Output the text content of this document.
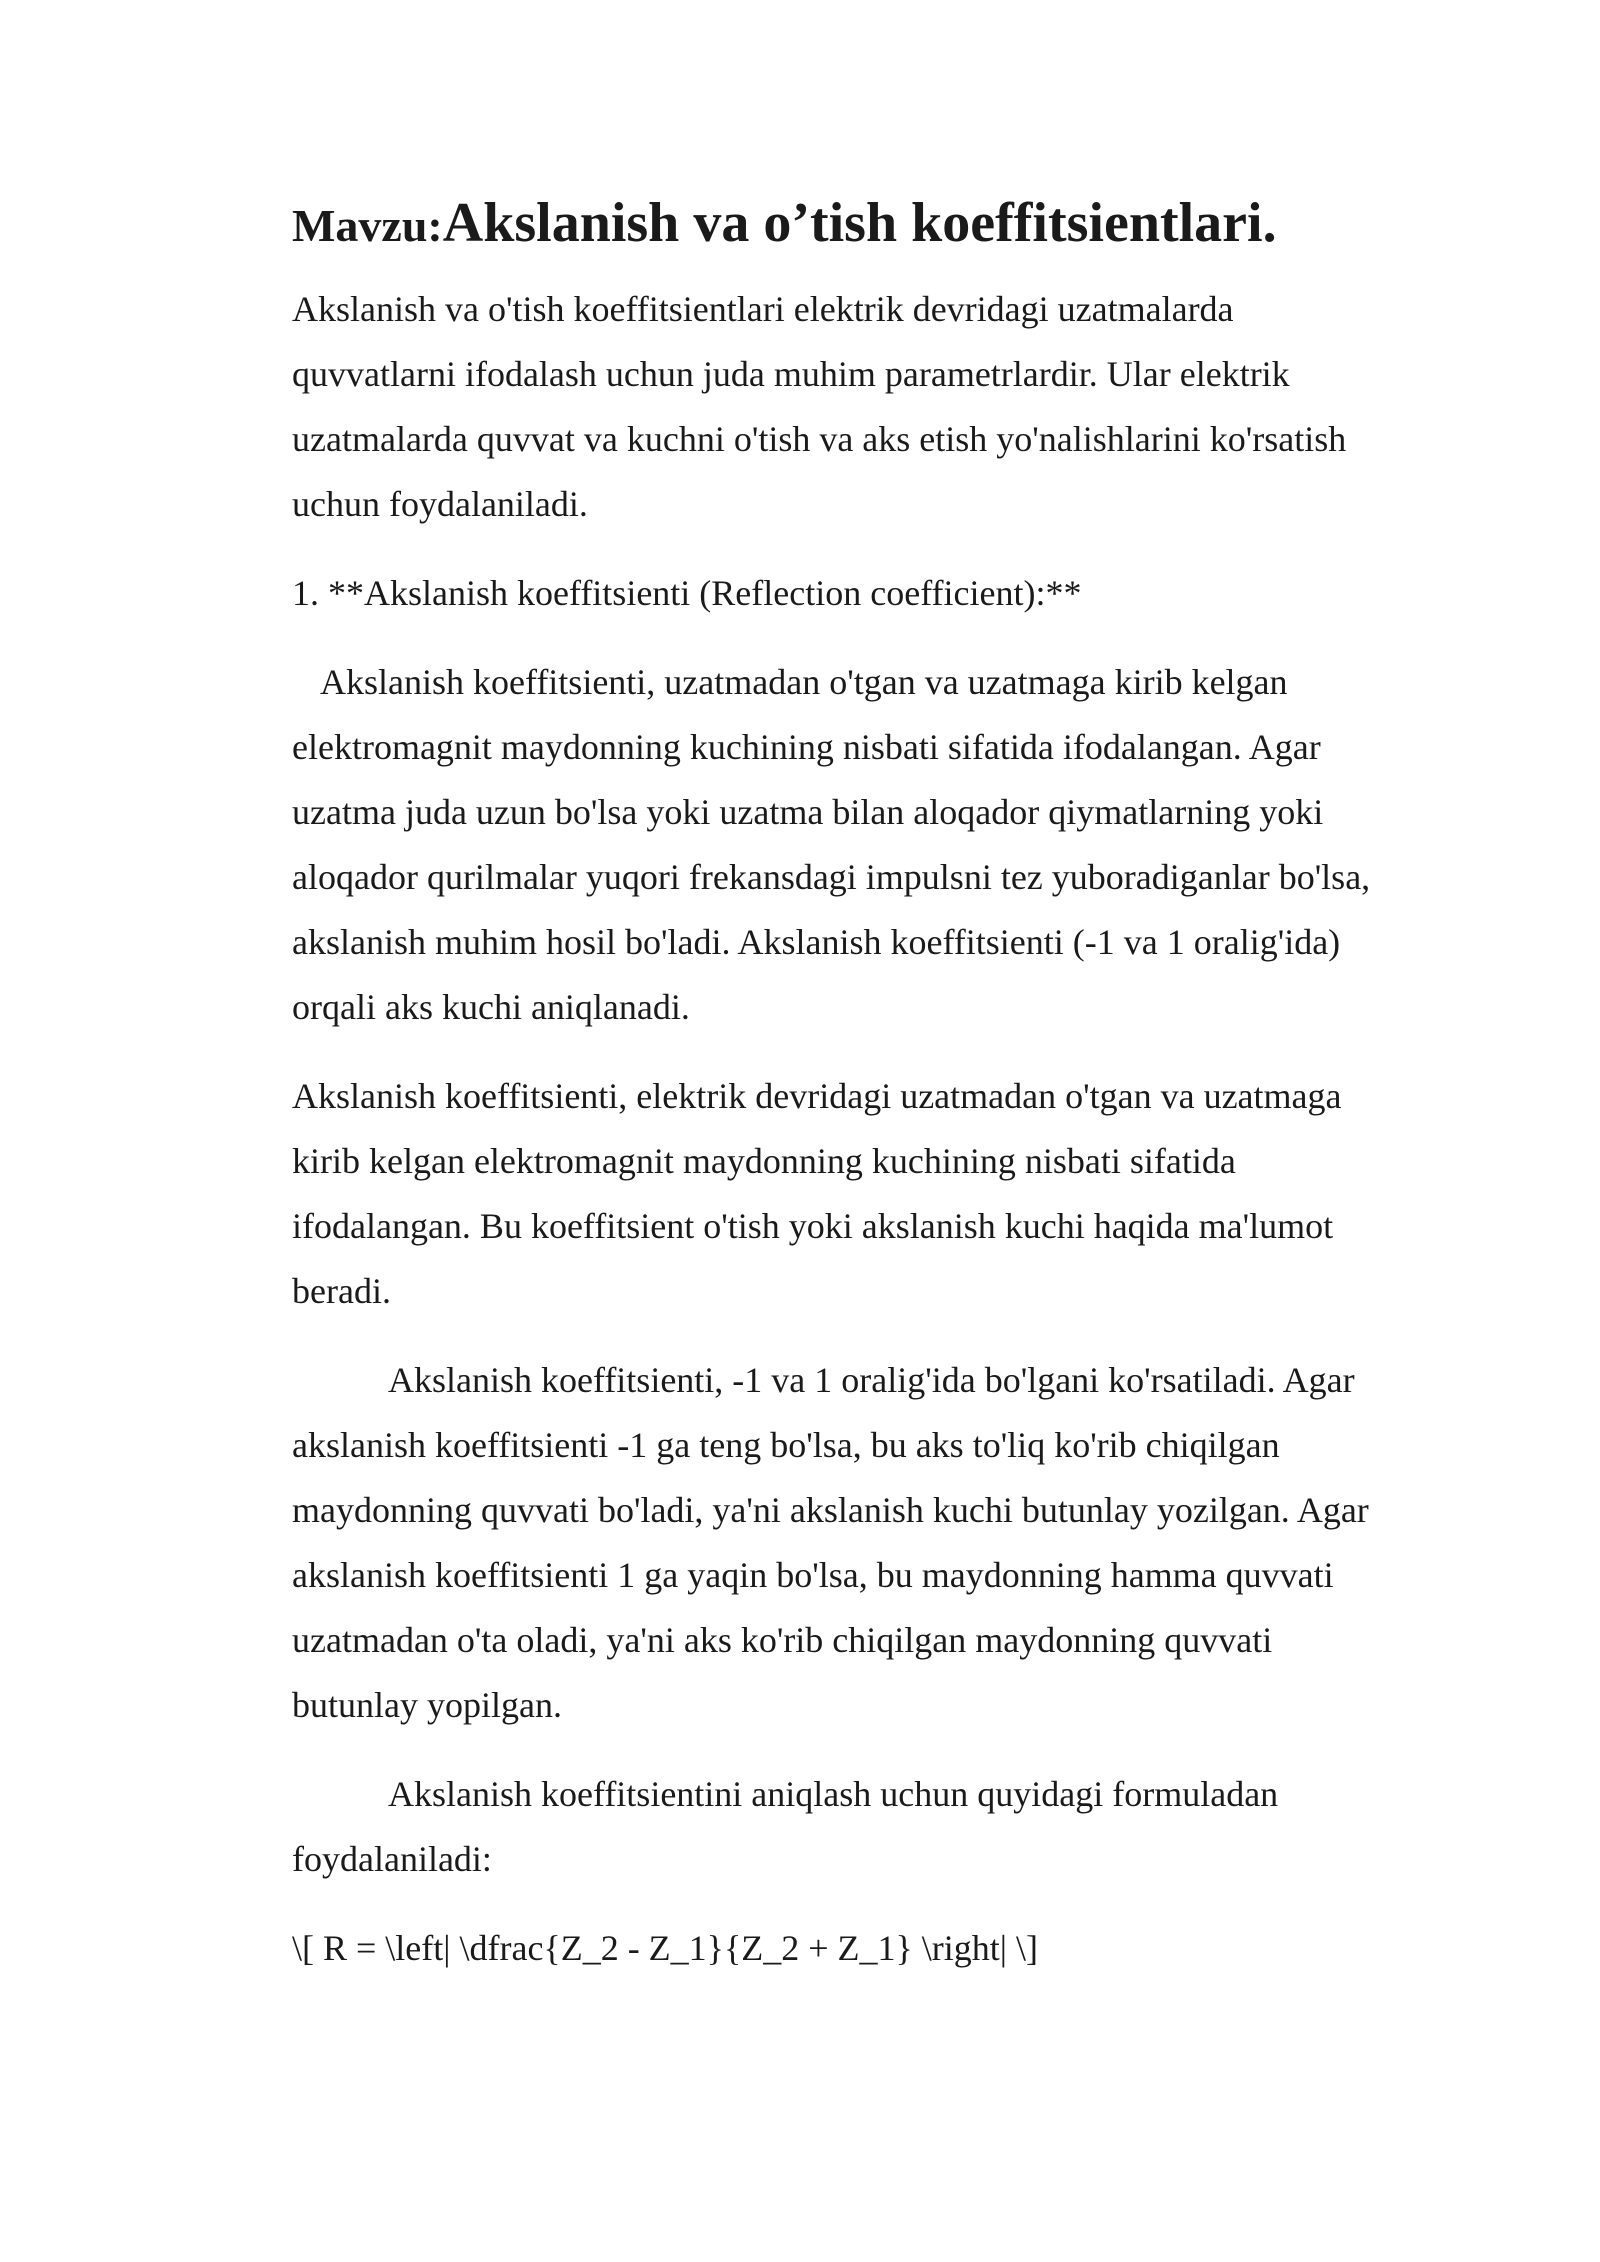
Mavzu:Akslanish va o’tish koeffitsientlari.

Akslanish va o'tish koeffitsientlari elektrik devridagi uzatmalarda quvvatlarni ifodalash uchun juda muhim parametrlardir. Ular elektrik uzatmalarda quvvat va kuchni o'tish va aks etish yo'nalishlarini ko'rsatish uchun foydalaniladi.

1. **Akslanish koeffitsienti (Reflection coefficient):**

Akslanish koeffitsienti, uzatmadan o'tgan va uzatmaga kirib kelgan elektromagnit maydonning kuchining nisbati sifatida ifodalangan. Agar uzatma juda uzun bo'lsa yoki uzatma bilan aloqador qiymatlarning yoki aloqador qurilmalar yuqori frekansdagi impulsni tez yuboradiganlar bo'lsa, akslanish muhim hosil bo'ladi. Akslanish koeffitsienti (-1 va 1 oralig'ida) orqali aks kuchi aniqlanadi.

Akslanish koeffitsienti, elektrik devridagi uzatmadan o'tgan va uzatmaga kirib kelgan elektromagnit maydonning kuchining nisbati sifatida ifodalangan. Bu koeffitsient o'tish yoki akslanish kuchi haqida ma'lumot beradi.

Akslanish koeffitsienti, -1 va 1 oralig'ida bo'lgani ko'rsatiladi. Agar akslanish koeffitsienti -1 ga teng bo'lsa, bu aks to'liq ko'rib chiqilgan maydonning quvvati bo'ladi, ya'ni akslanish kuchi butunlay yozilgan. Agar akslanish koeffitsienti 1 ga yaqin bo'lsa, bu maydonning hamma quvvati uzatmadan o'ta oladi, ya'ni aks ko'rib chiqilgan maydonning quvvati butunlay yopilgan.

Akslanish koeffitsientini aniqlash uchun quyidagi formuladan foydalaniladi:

\[ R = \left| \dfrac{Z_2 - Z_1}{Z_2 + Z_1} \right| \]
